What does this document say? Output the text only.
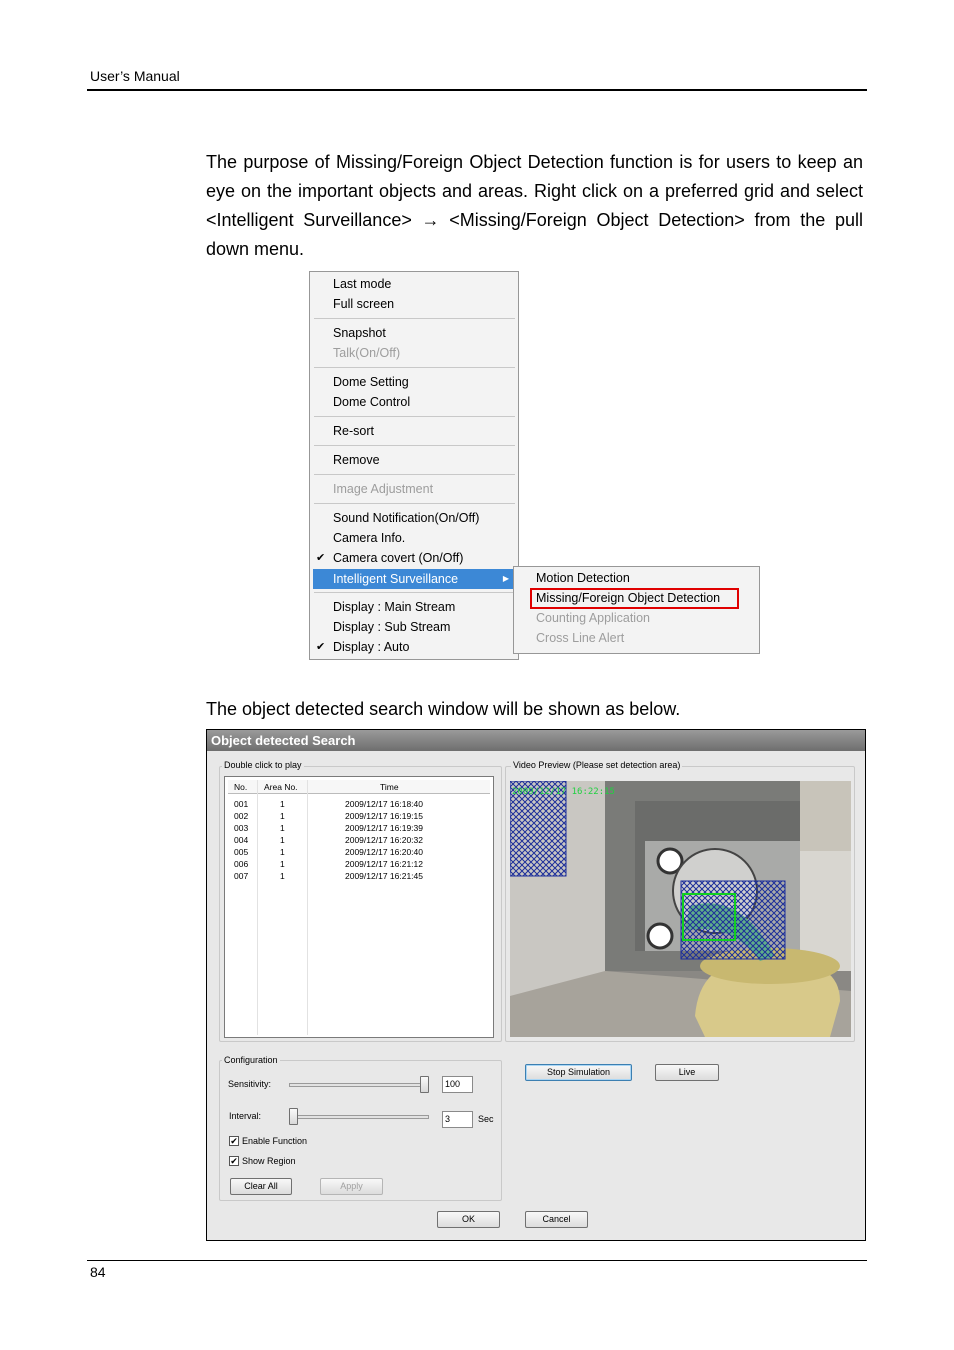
User’s Manual

The purpose of Missing/Foreign Object Detection function is for users to keep an eye on the important objects and areas. Right click on a preferred grid and select <Intelligent Surveillance> → <Missing/Foreign Object Detection> from the pull down menu.

Last mode
Full screen
Snapshot
Talk(On/Off)
Dome Setting
Dome Control
Re-sort
Remove
Image Adjustment
Sound Notification(On/Off)
Camera Info.
✔ Camera covert (On/Off)
Intelligent Surveillance	▶
Display : Main Stream
Display : Sub Stream
✔ Display : Auto
Motion Detection
Missing/Foreign Object Detection
Counting Application
Cross Line Alert
The object detected search window will be shown as below.
Object detected Search
Double click to play
No. Area No.	Time
001	1	2009/12/17 16:18:40
002	1	2009/12/17 16:19:15
003	1	2009/12/17 16:19:39
004	1	2009/12/17 16:20:32
005	1	2009/12/17 16:20:40
006	1	2009/12/17 16:21:12
007	1	2009/12/17 16:21:45
Video Preview (Please set detection area)
2009/12/17 16:22:15
Configuration
Sensitivity:	100
Interval:	3	Sec
✔ Enable Function
✔ Show Region
Clear All	Apply
Stop Simulation	Live
OK	Cancel
84
